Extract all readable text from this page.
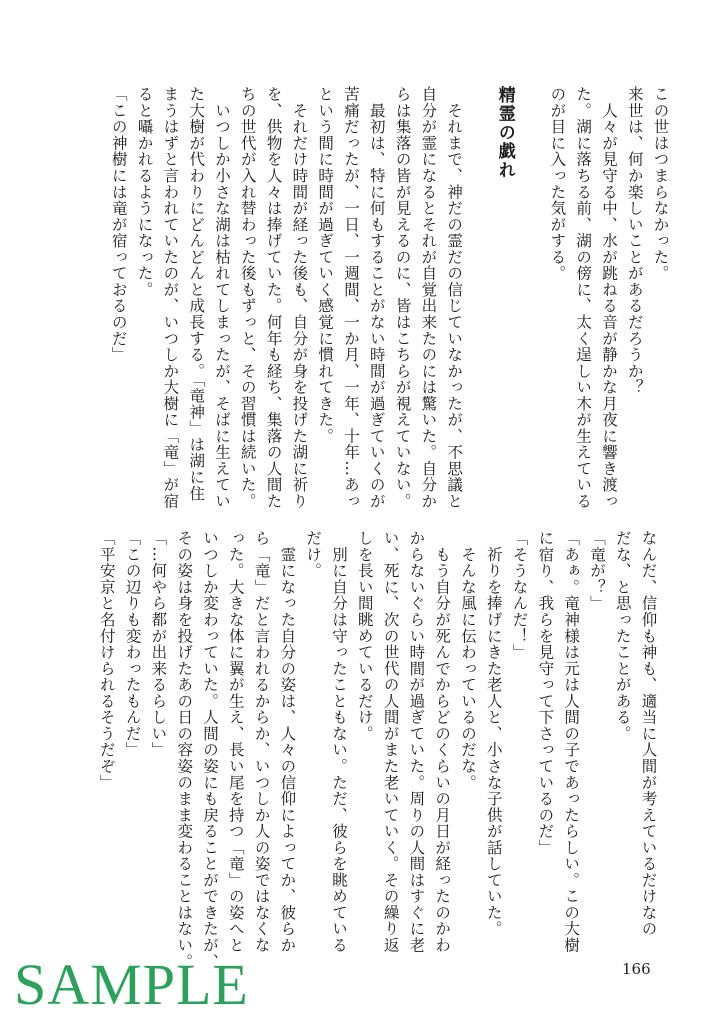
この世はつまらなかった。
来世は、何か楽しいことがあるだろうか？
　人々が見守る中、水が跳ねる音が静かな月夜に響き渡っ
た。湖に落ちる前、湖の傍に、太く逞しい木が生えている
のが目に入った気がする。
精霊の戯れ
　それまで、神だの霊だの信じていなかったが、不思議と
自分が霊になるとそれが自覚出来たのには驚いた。自分か
らは集落の皆が見えるのに、皆はこちらが視えていない。
　最初は、特に何もすることがない時間が過ぎていくのが
苦痛だったが、一日、一週間、一か月、一年、十年…あっ
という間に時間が過ぎていく感覚に慣れてきた。
　それだけ時間が経った後も、自分が身を投げた湖に祈り
を、供物を人々は捧げていた。何年も経ち、集落の人間た
ちの世代が入れ替わった後もずっと、その習慣は続いた。
　いつしか小さな湖は枯れてしまったが、そばに生えてい
た大樹が代わりにどんどんと成長する。「竜神」は湖に住
まうはずと言われていたのが、いつしか大樹に「竜」が宿
ると囁かれるようになった。
「この神樹には竜が宿っておるのだ」
なんだ、信仰も神も、適当に人間が考えているだけなの
だな、と思ったことがある。
「竜が？」
「あぁ。竜神様は元は人間の子であったらしい。この大樹
に宿り、我らを見守って下さっているのだ」
「そうなんだ！」
　祈りを捧げにきた老人と、小さな子供が話していた。
　そんな風に伝わっているのだな。
　もう自分が死んでからどのくらいの月日が経ったのかわ
からないぐらい時間が過ぎていた。周りの人間はすぐに老
い、死に、次の世代の人間がまた老いていく。その繰り返
しを長い間眺めているだけ。
　別に自分は守ったこともない。ただ、彼らを眺めている
だけ。
　霊になった自分の姿は、人々の信仰によってか、彼らか
ら「竜」だと言われるからか、いつしか人の姿ではなくな
った。大きな体に翼が生え、長い尾を持つ「竜」の姿へと
いつしか変わっていた。人間の姿にも戻ることができたが、
その姿は身を投げたあの日の容姿のまま変わることはない。
「…何やら都が出来るらしい」
「この辺りも変わったもんだ」
「平安京と名付けられるそうだぞ」
166
SAMPLE
